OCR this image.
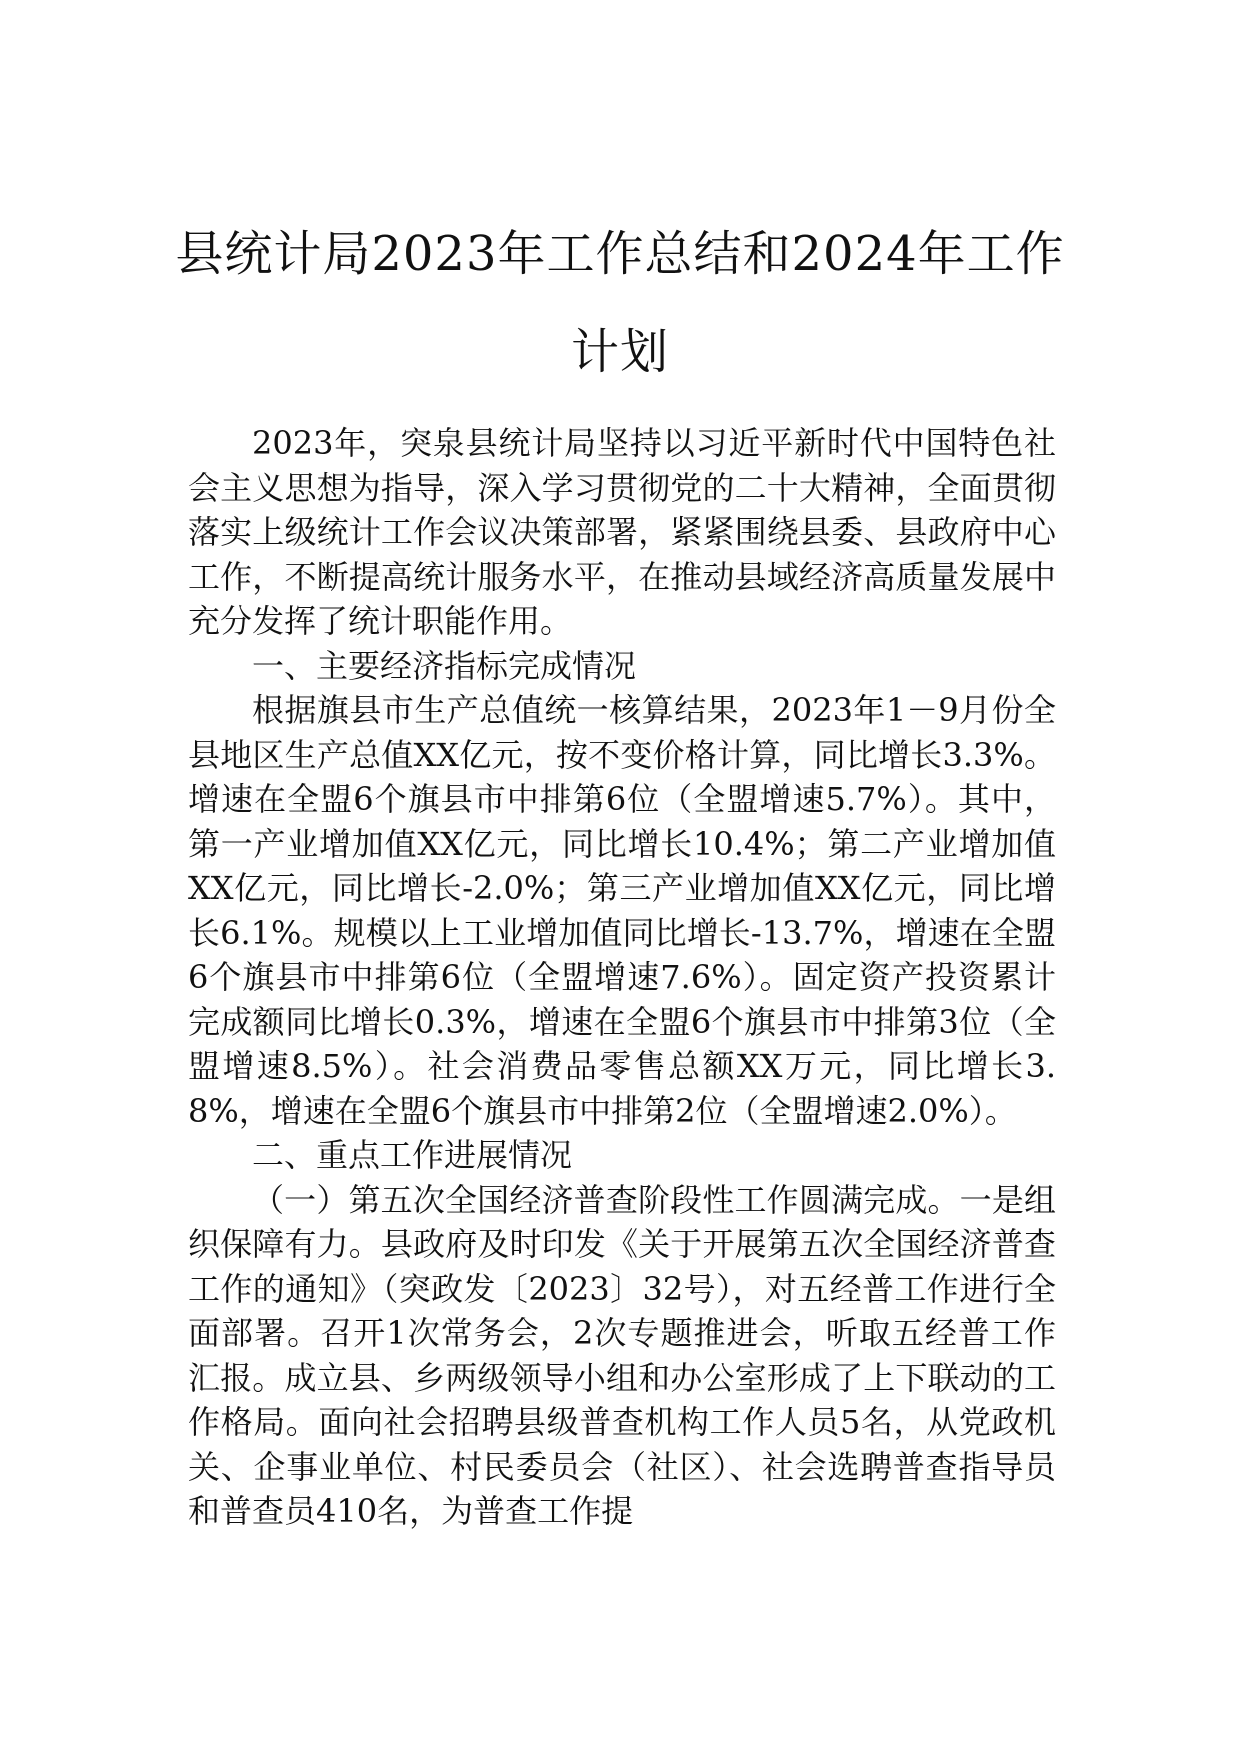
县统计局2023年工作总结和2024年工作计划

2023年，突泉县统计局坚持以习近平新时代中国特色社会主义思想为指导，深入学习贯彻党的二十大精神，全面贯彻落实上级统计工作会议决策部署，紧紧围绕县委、县政府中心工作，不断提高统计服务水平，在推动县域经济高质量发展中充分发挥了统计职能作用。

一、主要经济指标完成情况

根据旗县市生产总值统一核算结果，2023年1－9月份全县地区生产总值XX亿元，按不变价格计算，同比增长3.3%。增速在全盟6个旗县市中排第6位（全盟增速5.7%）。其中，第一产业增加值XX亿元，同比增长10.4%；第二产业增加值XX亿元，同比增长-2.0%；第三产业增加值XX亿元，同比增长6.1%。规模以上工业增加值同比增长-13.7%，增速在全盟6个旗县市中排第6位（全盟增速7.6%）。固定资产投资累计完成额同比增长0.3%，增速在全盟6个旗县市中排第3位（全盟增速8.5%）。社会消费品零售总额XX万元，同比增长3.8%，增速在全盟6个旗县市中排第2位（全盟增速2.0%）。

二、重点工作进展情况

（一）第五次全国经济普查阶段性工作圆满完成。一是组织保障有力。县政府及时印发《关于开展第五次全国经济普查工作的通知》（突政发〔2023〕32号），对五经普工作进行全面部署。召开1次常务会，2次专题推进会，听取五经普工作汇报。成立县、乡两级领导小组和办公室形成了上下联动的工作格局。面向社会招聘县级普查机构工作人员5名，从党政机关、企事业单位、村民委员会（社区）、社会选聘普查指导员和普查员410名，为普查工作提
